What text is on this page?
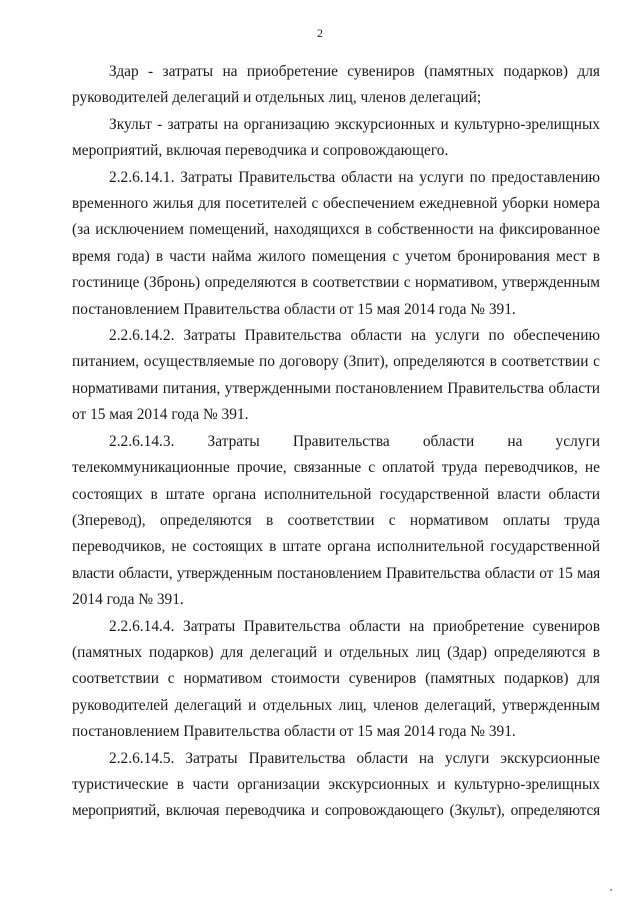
2
Здар - затраты на приобретение сувениров (памятных подарков) для
руководителей делегаций и отдельных лиц, членов делегаций;
Зкульт - затраты на организацию экскурсионных и культурно-зрелищных
мероприятий, включая переводчика и сопровождающего.
2.2.6.14.1. Затраты Правительства области на услуги по предоставлению
временного жилья для посетителей с обеспечением ежедневной уборки номера
(за исключением помещений, находящихся в собственности на фиксированное
время года) в части найма жилого помещения с учетом бронирования мест в
гостинице (Збронь) определяются в соответствии с нормативом, утвержденным
постановлением Правительства области от 15 мая 2014 года № 391.
2.2.6.14.2. Затраты Правительства области на услуги по обеспечению
питанием, осуществляемые по договору (Зпит), определяются в соответствии с
нормативами питания, утвержденными постановлением Правительства области
от 15 мая 2014 года № 391.
2.2.6.14.3. Затраты Правительства области на услуги
телекоммуникационные прочие, связанные с оплатой труда переводчиков, не
состоящих в штате органа исполнительной государственной власти области
(Зперевод), определяются в соответствии с нормативом оплаты труда
переводчиков, не состоящих в штате органа исполнительной государственной
власти области, утвержденным постановлением Правительства области от 15 мая
2014 года № 391.
2.2.6.14.4. Затраты Правительства области на приобретение сувениров
(памятных подарков) для делегаций и отдельных лиц (Здар) определяются в
соответствии с нормативом стоимости сувениров (памятных подарков) для
руководителей делегаций и отдельных лиц, членов делегаций, утвержденным
постановлением Правительства области от 15 мая 2014 года № 391.
2.2.6.14.5. Затраты Правительства области на услуги экскурсионные
туристические в части организации экскурсионных и культурно-зрелищных
мероприятий, включая переводчика и сопровождающего (Зкульт), определяются
